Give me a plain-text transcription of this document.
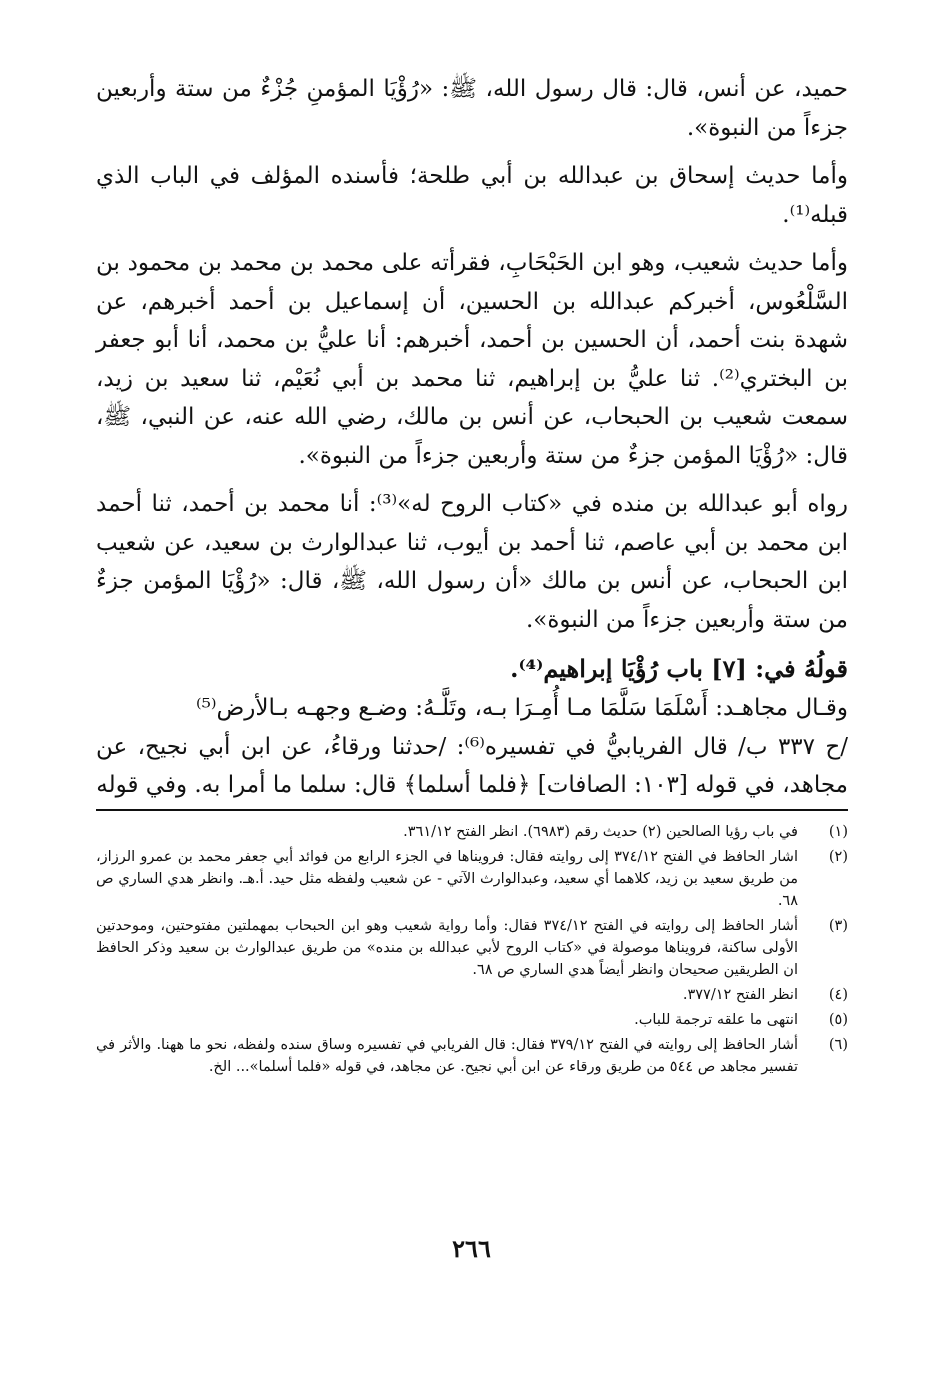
حميد، عن أنس، قال: قال رسول الله، ﷺ: «رُؤْيَا المؤمنِ جُزْءٌ من ستة وأربعين جزءاً من النبوة».

وأما حديث إسحاق بن عبدالله بن أبي طلحة؛ فأسنده المؤلف في الباب الذي قبله⁽¹⁾.

وأما حديث شعيب، وهو ابن الحَبْحَابِ، فقرأته على محمد بن محمد بن محمود بن السَّلْعُوس، أخبركم عبدالله بن الحسين، أن إسماعيل بن أحمد أخبرهم، عن شهدة بنت أحمد، أن الحسين بن أحمد، أخبرهم: أنا عليُّ بن محمد، أنا أبو جعفر بن البختري⁽²⁾. ثنا عليُّ بن إبراهيم، ثنا محمد بن أبي نُعَيْم، ثنا سعيد بن زيد، سمعت شعيب بن الحبحاب، عن أنس بن مالك، رضي الله عنه، عن النبي، ﷺ، قال: «رُؤْيَا المؤمن جزءٌ من ستة وأربعين جزءاً من النبوة».

رواه أبو عبدالله بن منده في «كتاب الروح له»⁽³⁾: أنا محمد بن أحمد، ثنا أحمد ابن محمد بن أبي عاصم، ثنا أحمد بن أيوب، ثنا عبدالوارث بن سعيد، عن شعيب ابن الحبحاب، عن أنس بن مالك «أن رسول الله، ﷺ، قال: «رُؤْيَا المؤمن جزءٌ من ستة وأربعين جزءاً من النبوة».

قولُهُ في: [٧] باب رُؤْيَا إبراهيم⁽⁴⁾.
وقـال مجاهـد: أَسْلَمَا سَلَّمَا مـا أُمِـرَا بـه، وتَلَّـهُ: وضـع وجهـه بـالأرض⁽⁵⁾
/ح ٣٣٧ ب/ قال الفريابيُّ في تفسيره⁽⁶⁾: /حدثنا ورقاءُ، عن ابن أبي نجيح، عن مجاهد، في قوله [١٠٣: الصافات] ﴿فلما أسلما﴾ قال: سلما ما أمرا به. وفي قوله
(١)
في باب رؤيا الصالحين (٢) حديث رقم (٦٩٨٣). انظر الفتح ٣٦١/١٢.
(٢)
اشار الحافظ في الفتح ٣٧٤/١٢ إلى روايته فقال: فرويناها في الجزء الرابع من فوائد أبي جعفر محمد بن عمرو الرزاز، من طريق سعيد بن زيد، كلاهما أي سعيد، وعبدالوارث الآتي - عن شعيب ولفظه مثل حيد. أ.هـ. وانظر هدي الساري ص ٦٨.
(٣)
أشار الحافظ إلى روايته في الفتح ٣٧٤/١٢ فقال: وأما رواية شعيب وهو ابن الحبحاب بمهملتين مفتوحتين، وموحدتين الأولى ساكنة، فرويناها موصولة في «كتاب الروح لأبي عبدالله بن منده» من طريق عبدالوارث بن سعيد وذكر الحافظ ان الطريقين صحيحان وانظر أيضاً هدي الساري ص ٦٨.
(٤)
انظر الفتح ٣٧٧/١٢.
(٥)
انتهى ما علقه ترجمة للباب.
(٦)
أشار الحافظ إلى روايته في الفتح ٣٧٩/١٢ فقال: قال الفريابي في تفسيره وساق سنده ولفظه، نحو ما ههنا. والأثر في تفسير مجاهد ص ٥٤٤ من طريق ورقاء عن ابن أبي نجيح. عن مجاهد، في قوله «فلما أسلما»... الخ.
٢٦٦
